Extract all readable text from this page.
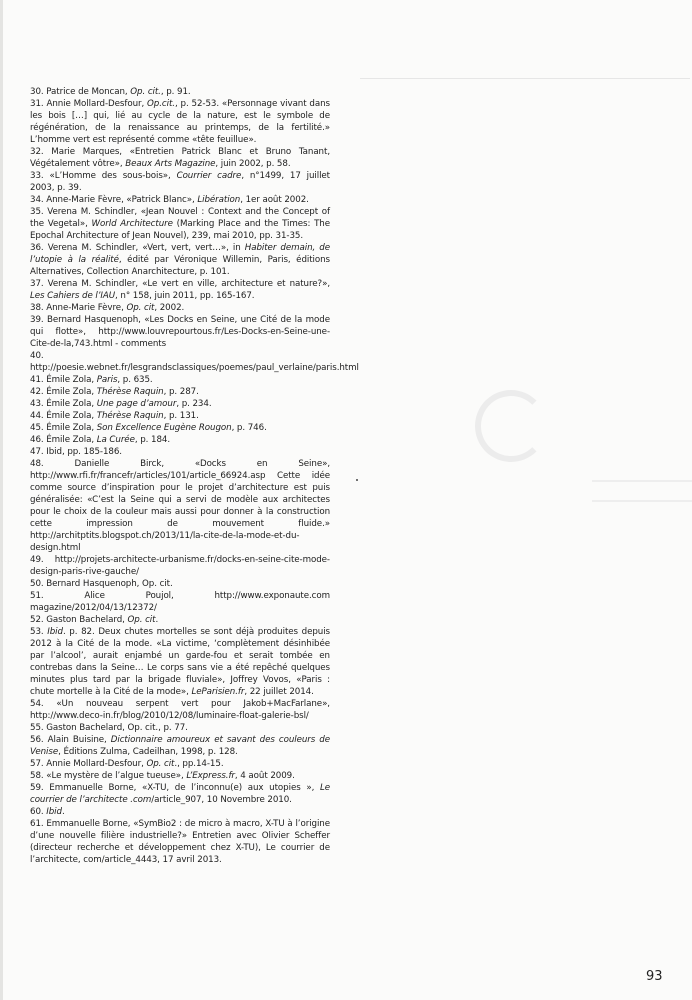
30. Patrice de Moncan, Op. cit., p. 91.

31. Annie Mollard-Desfour, Op.cit., p. 52-53. «Personnage vivant dans les bois […] qui, lié au cycle de la nature, est le symbole de régénération, de la renaissance au printemps, de la fertilité.» L’homme vert est représenté comme «tête feuillue».

32. Marie Marques, «Entretien Patrick Blanc et Bruno Tanant, Végétalement vôtre», Beaux Arts Magazine, juin 2002, p. 58.

33. «L’Homme des sous-bois», Courrier cadre, n°1499, 17 juillet 2003, p. 39.

34. Anne-Marie Fèvre, «Patrick Blanc», Libération, 1er août 2002.

35. Verena M. Schindler, «Jean Nouvel : Context and the Concept of the Vegetal», World Architecture (Marking Place and the Times: The Epochal Architecture of Jean Nouvel), 239, mai 2010, pp. 31-35.

36. Verena M. Schindler, «Vert, vert, vert…», in Habiter demain, de l’utopie à la réalité, édité par Véronique Willemin, Paris, éditions Alternatives, Collection Anarchitecture, p. 101.

37. Verena M. Schindler, «Le vert en ville, architecture et nature?», Les Cahiers de l’IAU, n° 158, juin 2011, pp. 165-167.

38. Anne-Marie Fèvre, Op. cit, 2002.

39. Bernard Hasquenoph, «Les Docks en Seine, une Cité de la mode qui flotte», http://www.louvrepourtous.fr/Les-Docks-en-Seine-une-Cite-de-la,743.html - comments

40. http://poesie.webnet.fr/lesgrandsclassiques/poemes/paul_verlaine/paris.html

41. Émile Zola, Paris, p. 635.

42. Émile Zola, Thérèse Raquin, p. 287.

43. Émile Zola, Une page d’amour, p. 234.

44. Émile Zola, Thérèse Raquin, p. 131.

45. Émile Zola, Son Excellence Eugène Rougon, p. 746.

46. Émile Zola, La Curée, p. 184.

47. Ibid, pp. 185-186.

48.	Danielle Birck, «Docks en Seine», http://www.rfi.fr/francefr/articles/101/article_66924.asp Cette idée comme source d’inspiration pour le projet d’architecture est puis généralisée: «C’est la Seine qui a servi de modèle aux architectes pour le choix de la couleur mais aussi pour donner à la construction cette impression de mouvement fluide.» http://architptits.blogspot.ch/2013/11/la-cite-de-la-mode-et-du-design.html

49. http://projets-architecte-urbanisme.fr/docks-en-seine-cite-mode-design-paris-rive-gauche/

50. Bernard Hasquenoph, Op. cit.

51.	Alice Poujol, http://www.exponaute.com magazine/2012/04/13/12372/

52. Gaston Bachelard, Op. cit.

53. Ibid. p. 82. Deux chutes mortelles se sont déjà produites depuis 2012 à la Cité de la mode. «La victime, ‘complètement désinhibée par l’alcool’, aurait enjambé un garde-fou et serait tombée en contrebas dans la Seine… Le corps sans vie a été repêché quelques minutes plus tard par la brigade fluviale», Joffrey Vovos, «Paris : chute mortelle à la Cité de la mode», LeParisien.fr, 22 juillet 2014.

54. «Un nouveau serpent vert pour Jakob+MacFarlane», http://www.deco-in.fr/blog/2010/12/08/luminaire-float-galerie-bsl/

55. Gaston Bachelard, Op. cit., p. 77.

56. Alain Buisine, Dictionnaire amoureux et savant des couleurs de Venise, Éditions Zulma, Cadeilhan, 1998, p. 128.

57. Annie Mollard-Desfour, Op. cit., pp.14-15.

58. «Le mystère de l’algue tueuse», L’Express.fr, 4 août 2009.

59. Emmanuelle Borne, «X-TU, de l’inconnu(e) aux utopies », Le courrier de l’architecte .com/article_907, 10 Novembre 2010.

60. Ibid.

61. Emmanuelle Borne, «SymBio2 : de micro à macro, X-TU à l’origine d’une nouvelle filière industrielle?» Entretien avec Olivier Scheffer (directeur recherche et développement chez X-TU), Le courrier de l’architecte, com/article_4443, 17 avril 2013.

93
